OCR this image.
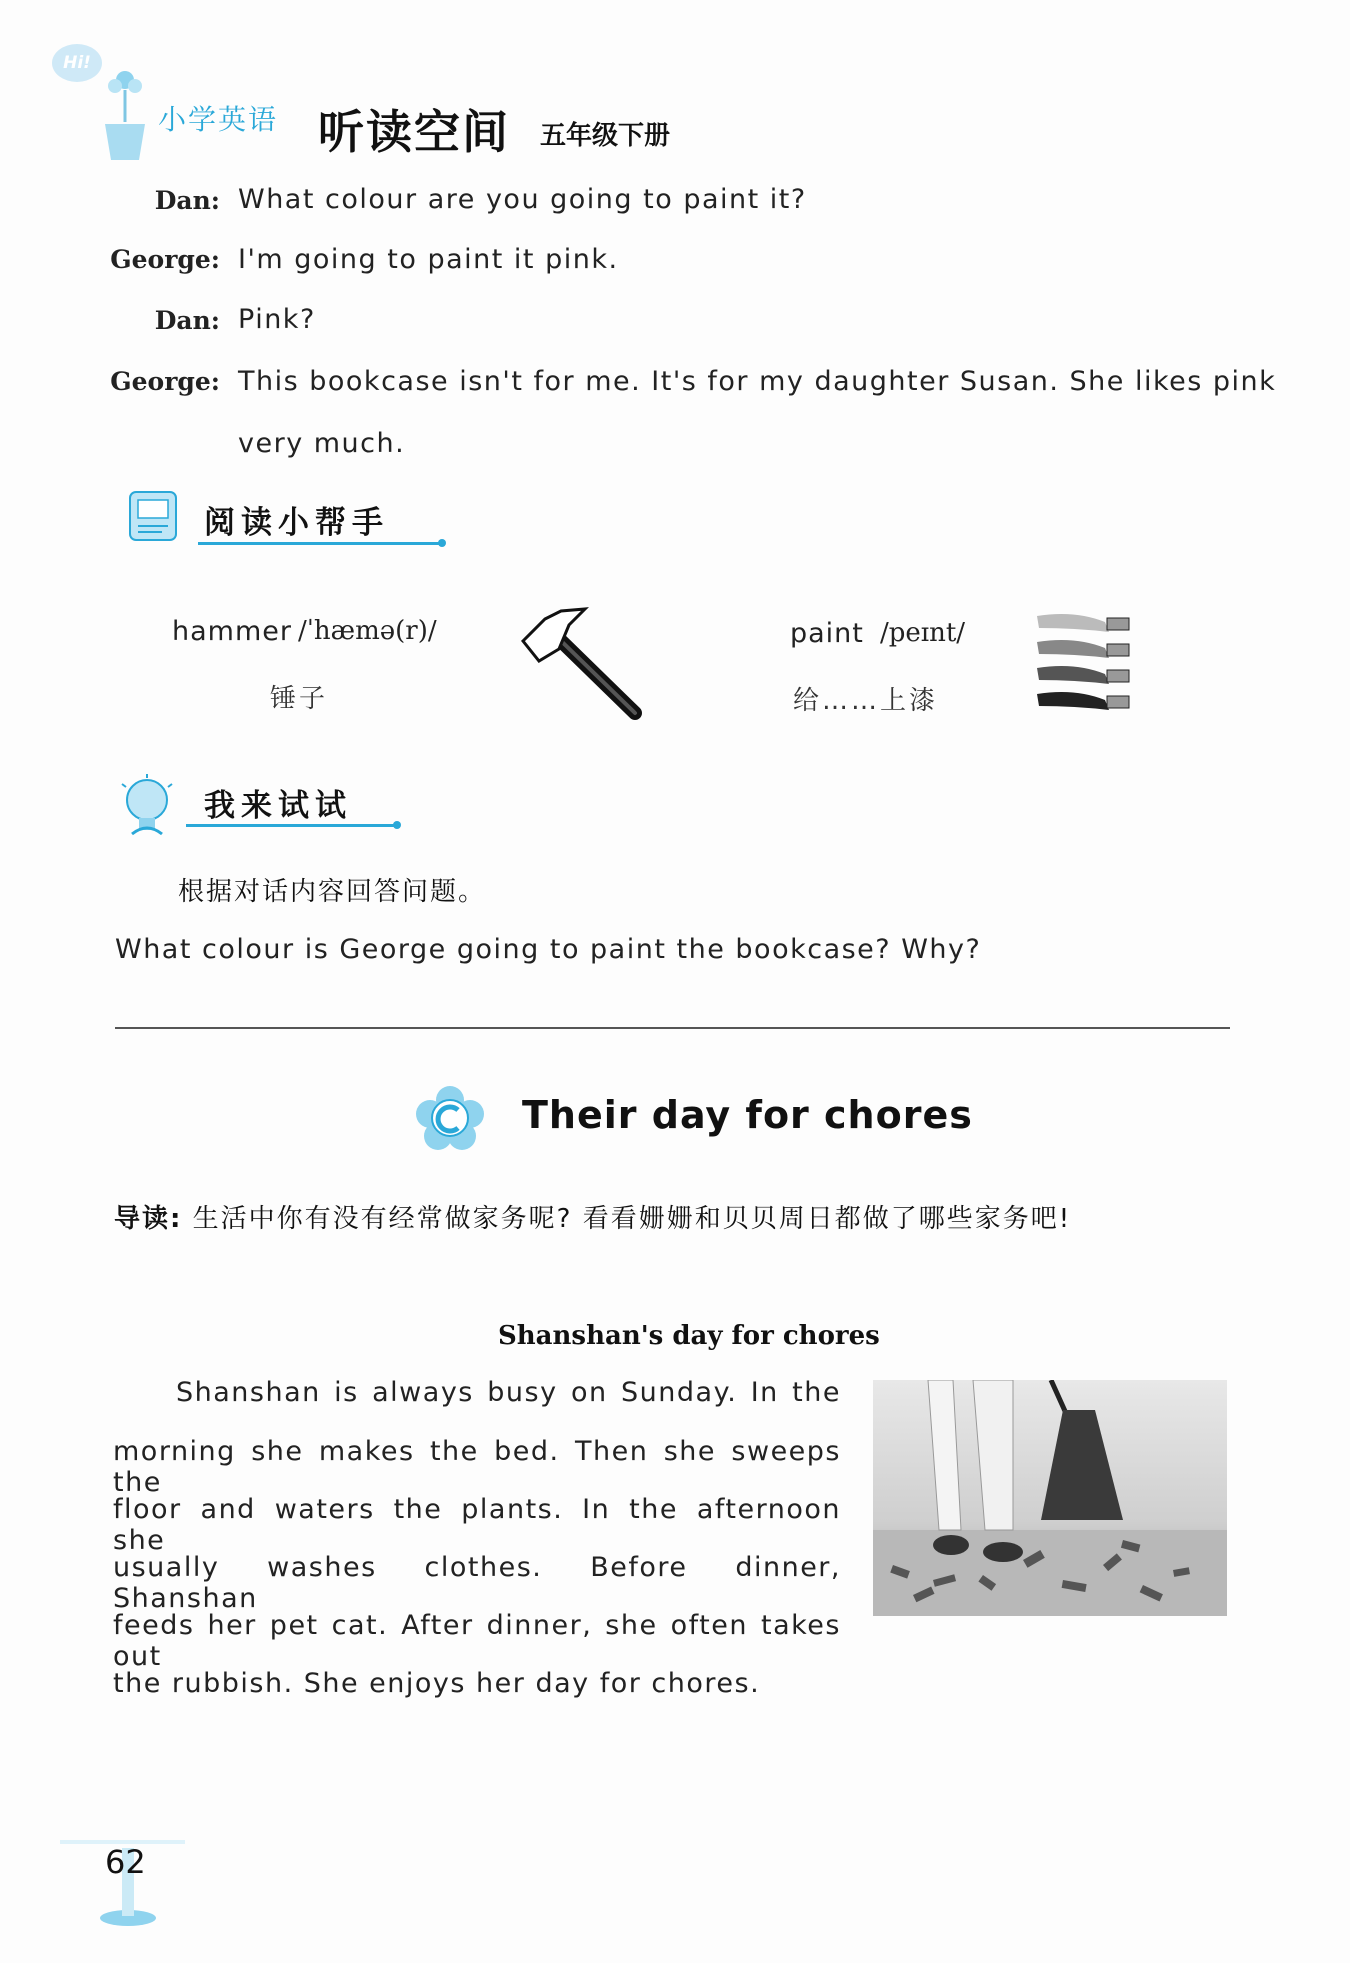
Hi!
小学英语 听读空间 五年级下册
Dan: What colour are you going to paint it?
George: I'm going to paint it pink.
Dan: Pink?
George: This bookcase isn't for me. It's for my daughter Susan. She likes pink
very much.
阅读小帮手
hammer /ˈhæmə(r)/
锤子
paint /peɪnt/
给……上漆
我来试试
根据对话内容回答问题。
What colour is George going to paint the bookcase? Why?
Their day for chores
导读: 生活中你有没有经常做家务呢? 看看姗姗和贝贝周日都做了哪些家务吧!
Shanshan's day for chores
Shanshan is always busy on Sunday. In the
morning she makes the bed. Then she sweeps the
floor and waters the plants. In the afternoon she
usually washes clothes. Before dinner, Shanshan
feeds her pet cat. After dinner, she often takes out
the rubbish. She enjoys her day for chores.
62
